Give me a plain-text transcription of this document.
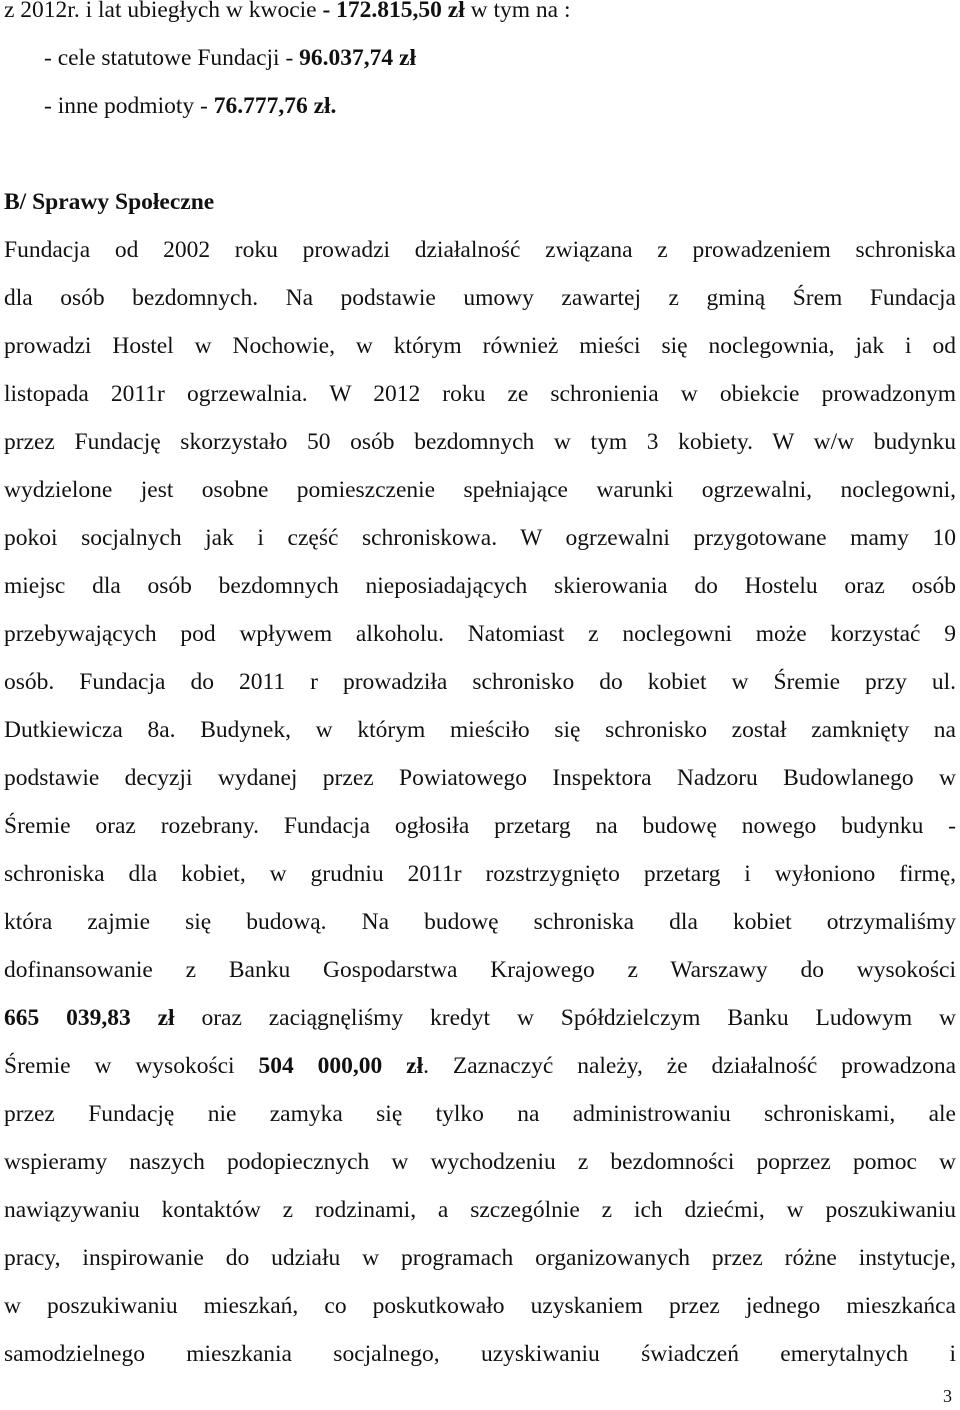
z 2012r. i lat ubiegłych w kwocie - 172.815,50 zł w tym na :
- cele statutowe Fundacji - 96.037,74 zł
- inne podmioty - 76.777,76 zł.
B/ Sprawy Społeczne
Fundacja od 2002 roku prowadzi działalność związana z prowadzeniem schroniska
dla osób bezdomnych. Na podstawie umowy zawartej z gminą Śrem Fundacja
prowadzi Hostel w Nochowie, w którym również mieści się noclegownia, jak i od
listopada 2011r ogrzewalnia. W 2012 roku ze schronienia w obiekcie prowadzonym
przez Fundację skorzystało 50 osób bezdomnych w tym 3 kobiety. W w/w budynku
wydzielone jest osobne pomieszczenie spełniające warunki ogrzewalni, noclegowni,
pokoi socjalnych jak i część schroniskowa. W ogrzewalni przygotowane mamy 10
miejsc dla osób bezdomnych nieposiadających skierowania do Hostelu oraz osób
przebywających pod wpływem alkoholu. Natomiast z noclegowni może korzystać 9
osób. Fundacja do 2011 r prowadziła schronisko do kobiet w Śremie przy ul.
Dutkiewicza 8a. Budynek, w którym mieściło się schronisko został zamknięty na
podstawie decyzji wydanej przez Powiatowego Inspektora Nadzoru Budowlanego w
Śremie oraz rozebrany. Fundacja ogłosiła przetarg na budowę nowego budynku -
schroniska dla kobiet, w grudniu 2011r rozstrzygnięto przetarg i wyłoniono firmę,
która zajmie się budową. Na budowę schroniska dla kobiet otrzymaliśmy
dofinansowanie z Banku Gospodarstwa Krajowego z Warszawy do wysokości
665 039,83 zł oraz zaciągnęliśmy kredyt w Spółdzielczym Banku Ludowym w
Śremie w wysokości 504 000,00 zł. Zaznaczyć należy, że działalność prowadzona
przez Fundację nie zamyka się tylko na administrowaniu schroniskami, ale
wspieramy naszych podopiecznych w wychodzeniu z bezdomności poprzez pomoc w
nawiązywaniu kontaktów z rodzinami, a szczególnie z ich dziećmi, w poszukiwaniu
pracy, inspirowanie do udziału w programach organizowanych przez różne instytucje,
w poszukiwaniu mieszkań, co poskutkowało uzyskaniem przez jednego mieszkańca
samodzielnego mieszkania socjalnego, uzyskiwaniu świadczeń emerytalnych i
3
